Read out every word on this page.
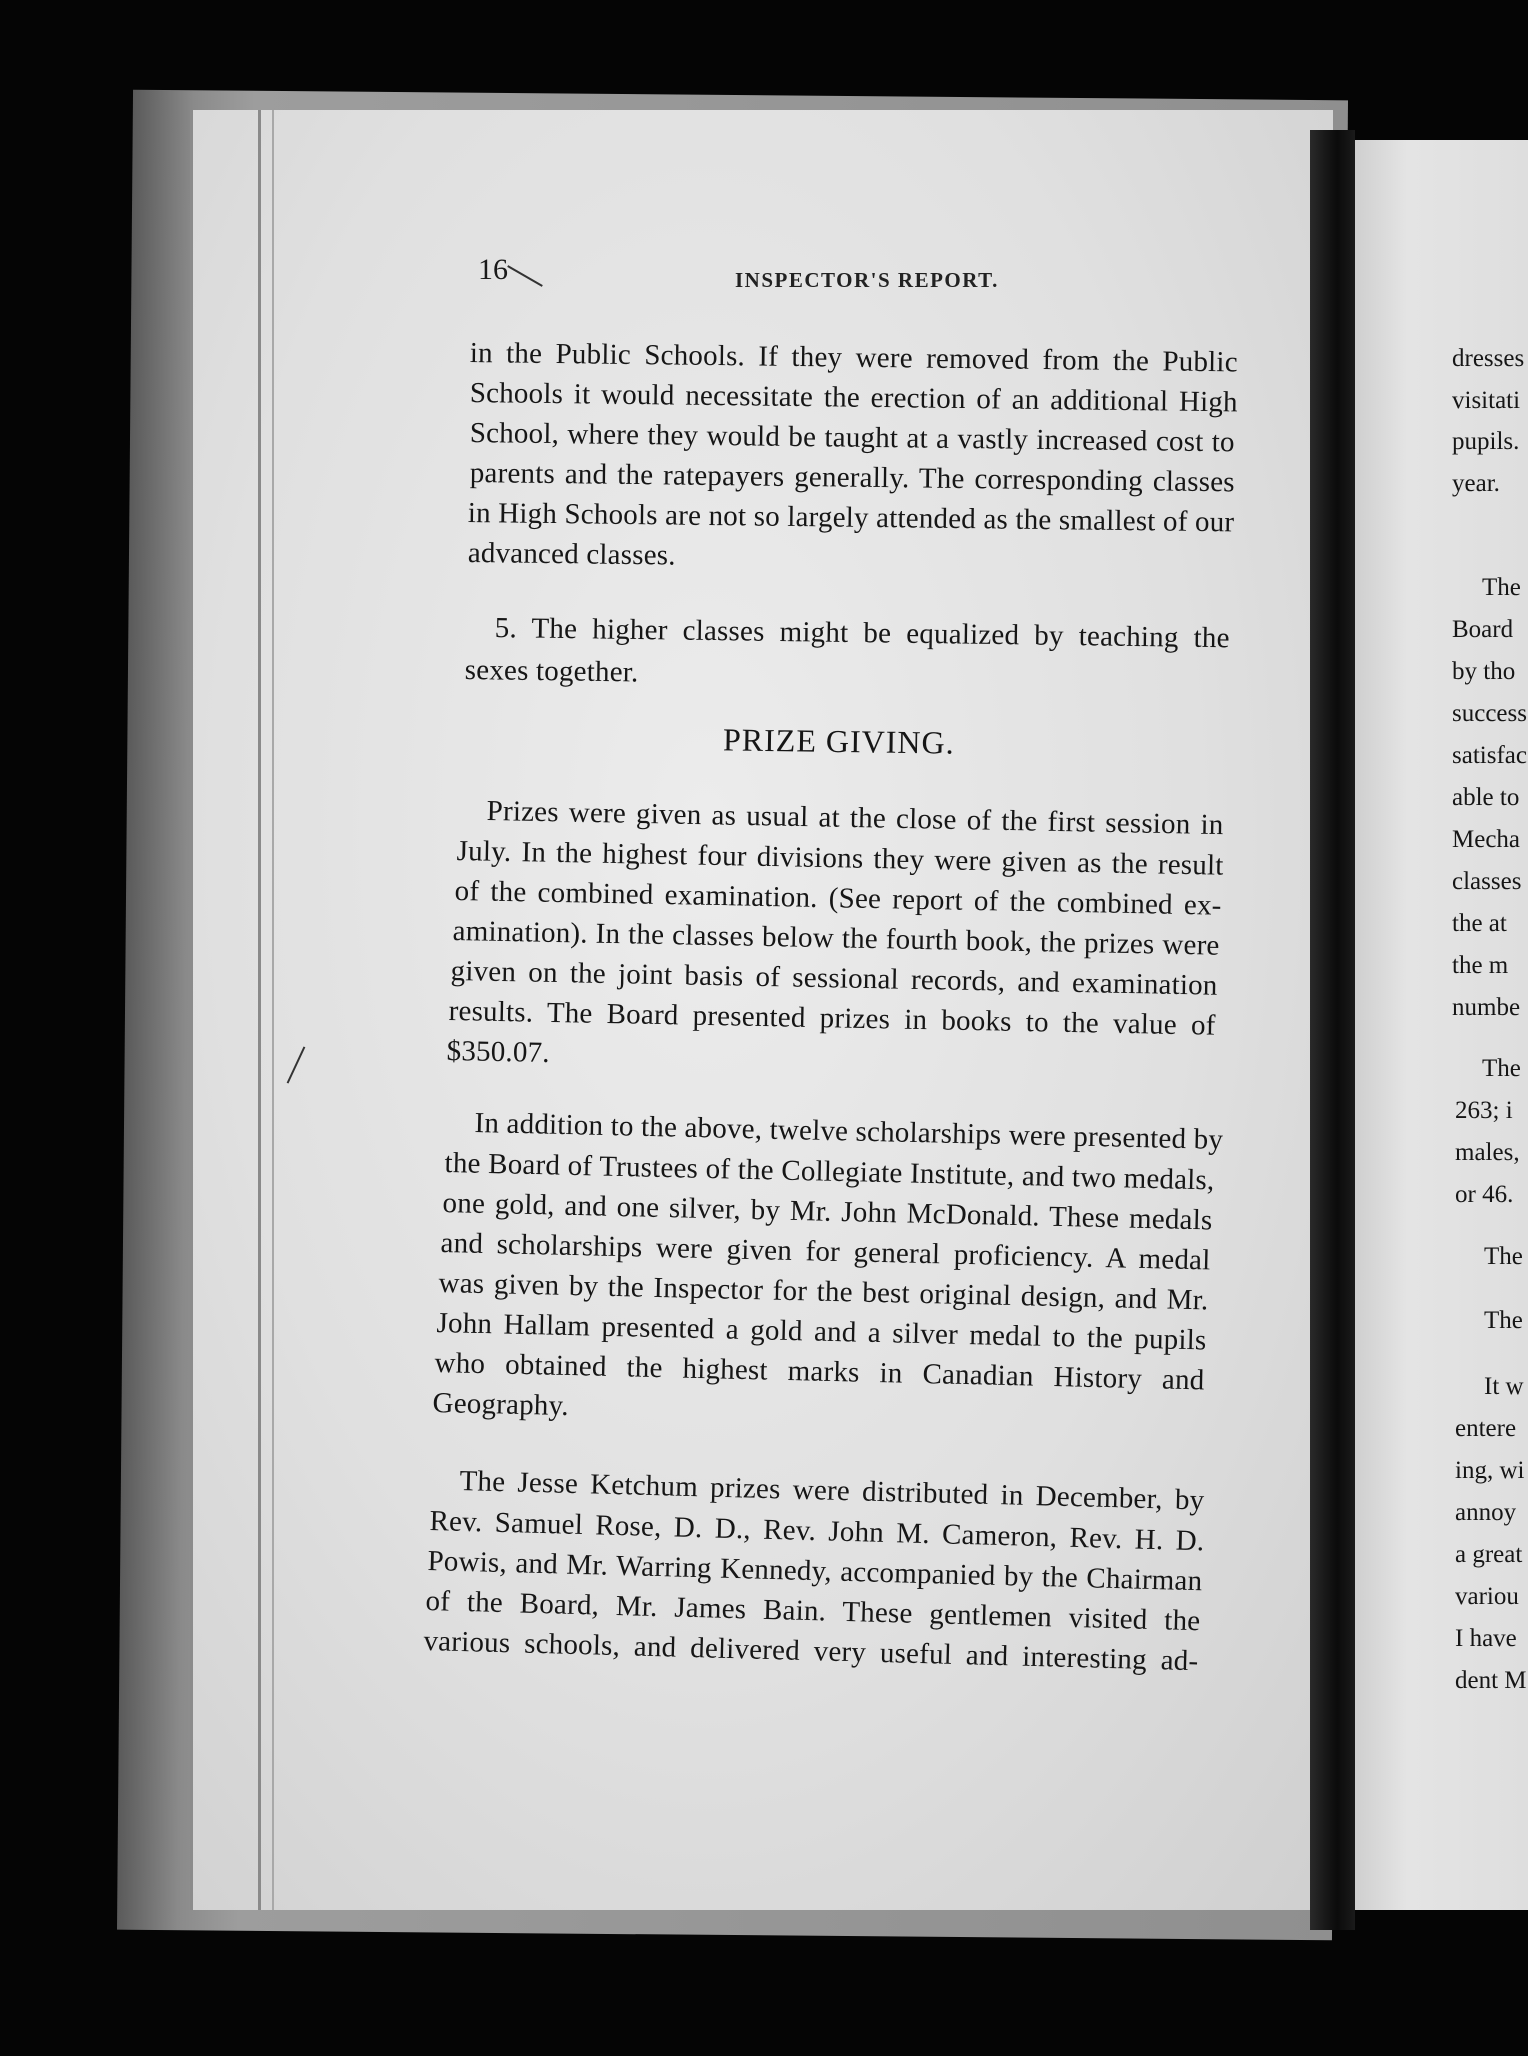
16	INSPECTOR'S REPORT.
in the Public Schools. If they were removed from the Public
Schools it would necessitate the erection of an additional High
School, where they would be taught at a vastly increased cost to
parents and the ratepayers generally. The corresponding classes
in High Schools are not so largely attended as the smallest of our
advanced classes.
5. The higher classes might be equalized by teaching the
sexes together.
PRIZE GIVING.
Prizes were given as usual at the close of the first session in
July. In the highest four divisions they were given as the result
of the combined examination. (See report of the combined ex-
amination). In the classes below the fourth book, the prizes were
given on the joint basis of sessional records, and examination
results. The Board presented prizes in books to the value of
$350.07.
In addition to the above, twelve scholarships were presented by
the Board of Trustees of the Collegiate Institute, and two medals,
one gold, and one silver, by Mr. John McDonald. These medals
and scholarships were given for general proficiency. A medal
was given by the Inspector for the best original design, and Mr.
John Hallam presented a gold and a silver medal to the pupils
who obtained the highest marks in Canadian History and
Geography.
The Jesse Ketchum prizes were distributed in December, by
Rev. Samuel Rose, D. D., Rev. John M. Cameron, Rev. H. D.
Powis, and Mr. Warring Kennedy, accompanied by the Chairman
of the Board, Mr. James Bain. These gentlemen visited the
various schools, and delivered very useful and interesting ad-
dresses
visitati
pupils.
year.
The
Board
by tho
success
satisfac
able to
Mecha
classes
the at
the m
numbe
The
263; i
males,
or 46.
The
The
It w
entere
ing, wi
annoy
a great
variou
I have
dent M
